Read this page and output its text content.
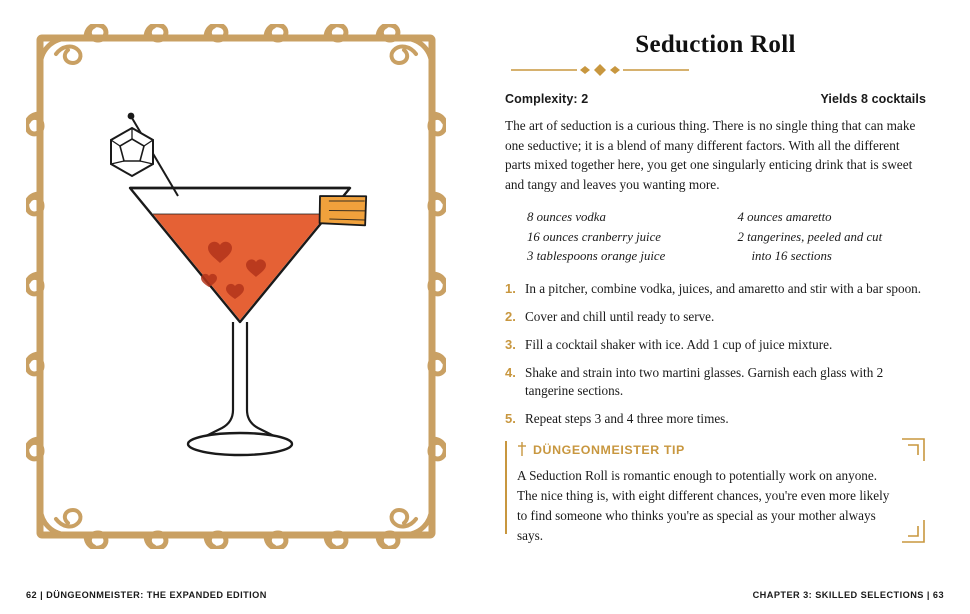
62 | DÜNGEONMEISTER: THE EXPANDED EDITION
Seduction Roll
Complexity: 2	Yields 8 cocktails

The art of seduction is a curious thing. There is no single thing that can make one seductive; it is a blend of many different factors. With all the different parts mixed together here, you get one singularly enticing drink that is sweet and tangy and leaves you wanting more.

8 ounces vodka
16 ounces cranberry juice
3 tablespoons orange juice
4 ounces amaretto
2 tangerines, peeled and cut
into 16 sections
1. In a pitcher, combine vodka, juices, and amaretto and stir with a bar spoon.
2. Cover and chill until ready to serve.
3. Fill a cocktail shaker with ice. Add 1 cup of juice mixture.
4. Shake and strain into two martini glasses. Garnish each glass with 2 tangerine sections.
5. Repeat steps 3 and 4 three more times.
DÜNGEONMEISTER TIP
A Seduction Roll is romantic enough to potentially work on anyone. The nice thing is, with eight different chances, you're even more likely to find someone who thinks you're as special as your mother always says.
CHAPTER 3: SKILLED SELECTIONS | 63
